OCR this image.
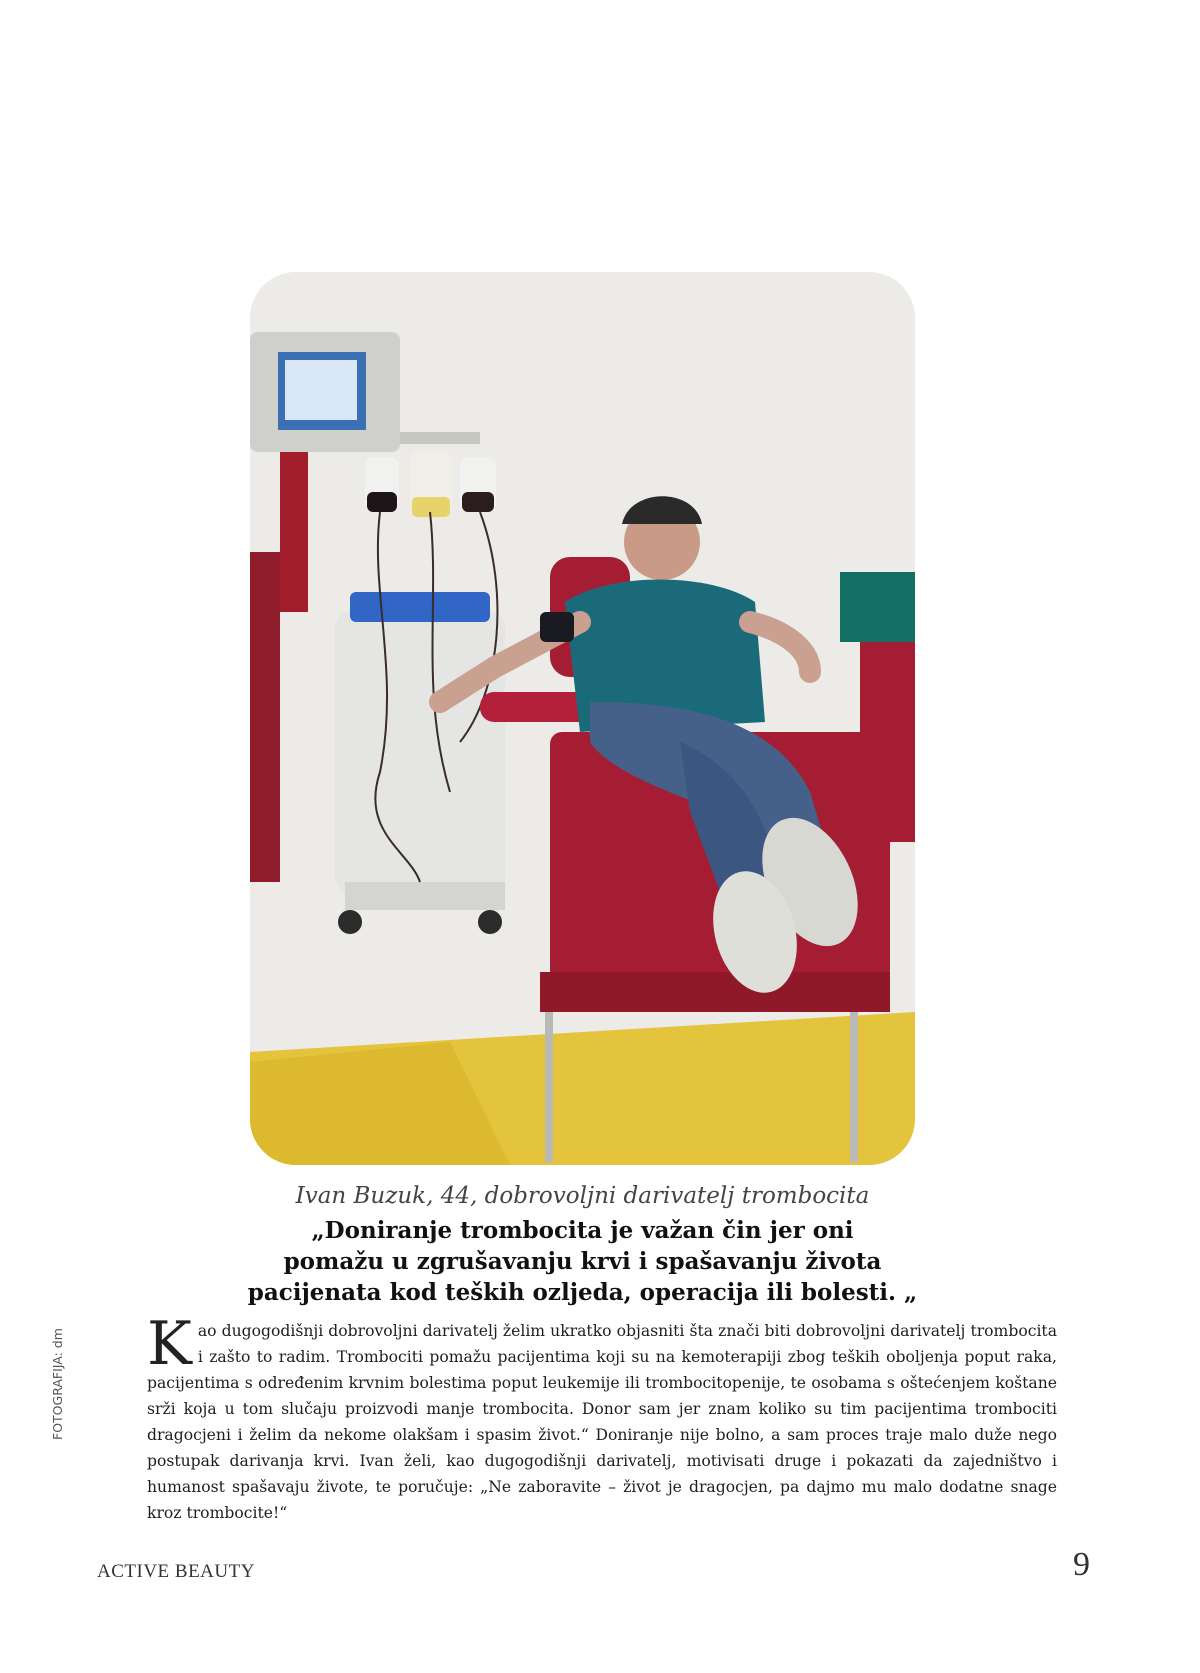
Ivan Buzuk, 44, dobrovoljni darivatelj trombocita
„Doniranje trombocita je važan čin jer oni
pomažu u zgrušavanju krvi i spašavanju života
pacijenata kod teških ozljeda, operacija ili bolesti. „
Kao dugogodišnji dobrovoljni darivatelj želim ukratko objasniti šta znači biti dobrovoljni darivatelj trombocita i zašto to radim. Trombociti pomažu pacijentima koji su na kemoterapiji zbog teških oboljenja poput raka, pacijentima s određenim krvnim bolestima poput leukemije ili trombocitopenije, te osobama s oštećenjem koštane srži koja u tom slučaju proizvodi manje trombocita. Donor sam jer znam koliko su tim pacijentima trombociti dragocjeni i želim da nekome olakšam i spasim život.“ Doniranje nije bolno, a sam proces traje malo duže nego postupak darivanja krvi. Ivan želi, kao dugogodišnji darivatelj, motivisati druge i pokazati da zajedništvo i humanost spašavaju živote, te poručuje: „Ne zaboravite – život je dragocjen, pa dajmo mu malo dodatne snage kroz trombocite!“
FOTOGRAFIJA: dm
ACTIVE BEAUTY	9
